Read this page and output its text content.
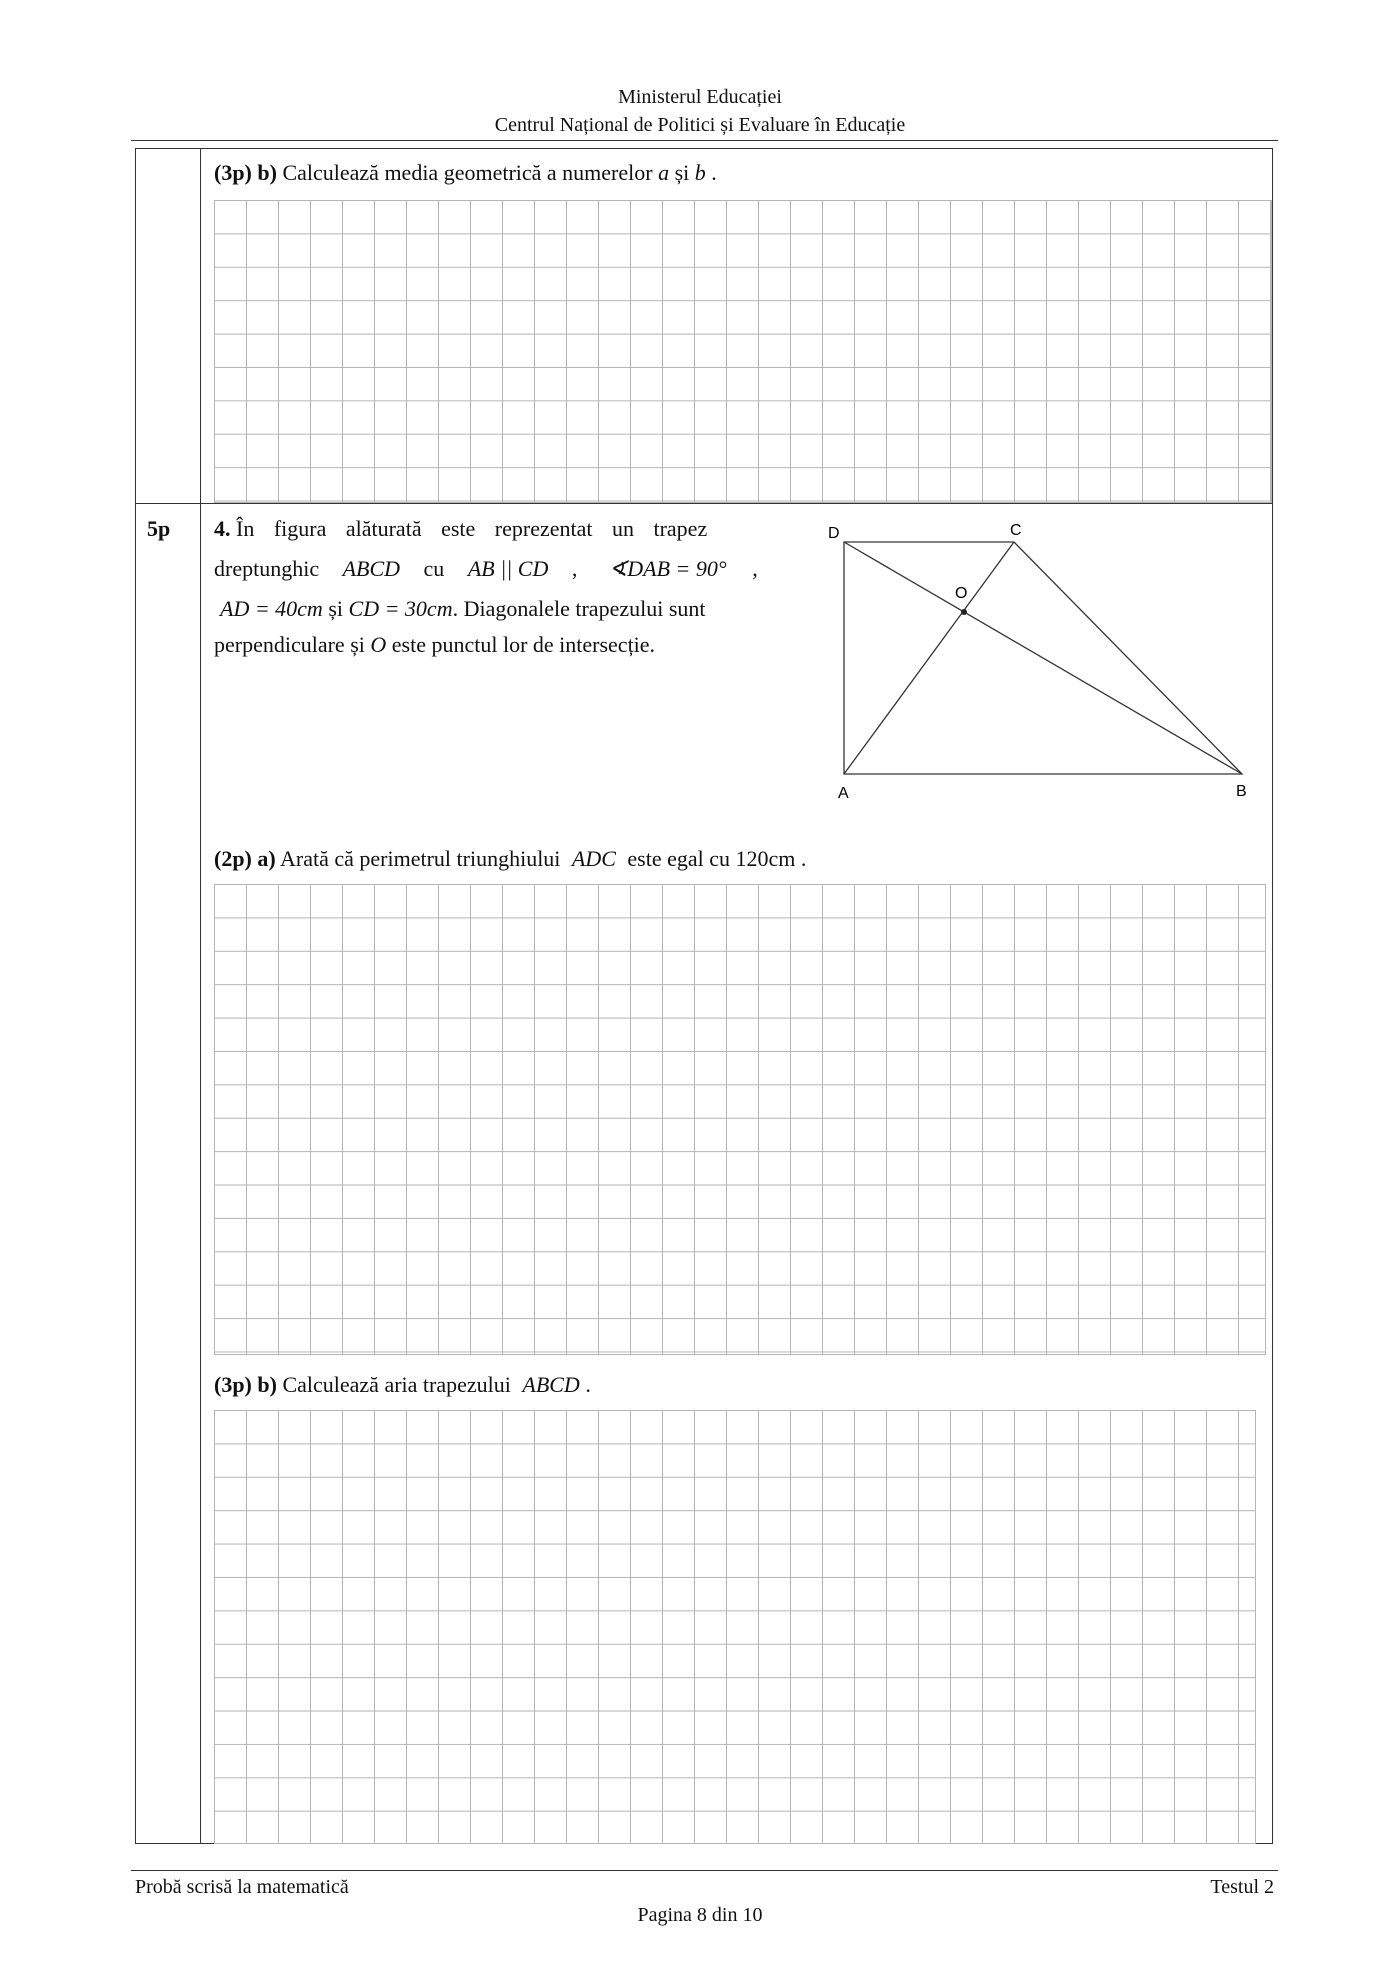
Ministerul Educației
Centrul Național de Politici și Evaluare în Educație
(3p) b) Calculează media geometrică a numerelor a și b .
5p 4. În figura alăturată este reprezentat un trapez
dreptunghic ABCD cu AB || CD , ∢DAB = 90° ,
AD = 40cm și CD = 30cm. Diagonalele trapezului sunt
perpendiculare și O este punctul lor de intersecție.
D	C
O
A	B
(2p) a) Arată că perimetrul triunghiului ADC este egal cu 120cm .
(3p) b) Calculează aria trapezului ABCD .
Probă scrisă la matematică	Testul 2
Pagina 8 din 10
